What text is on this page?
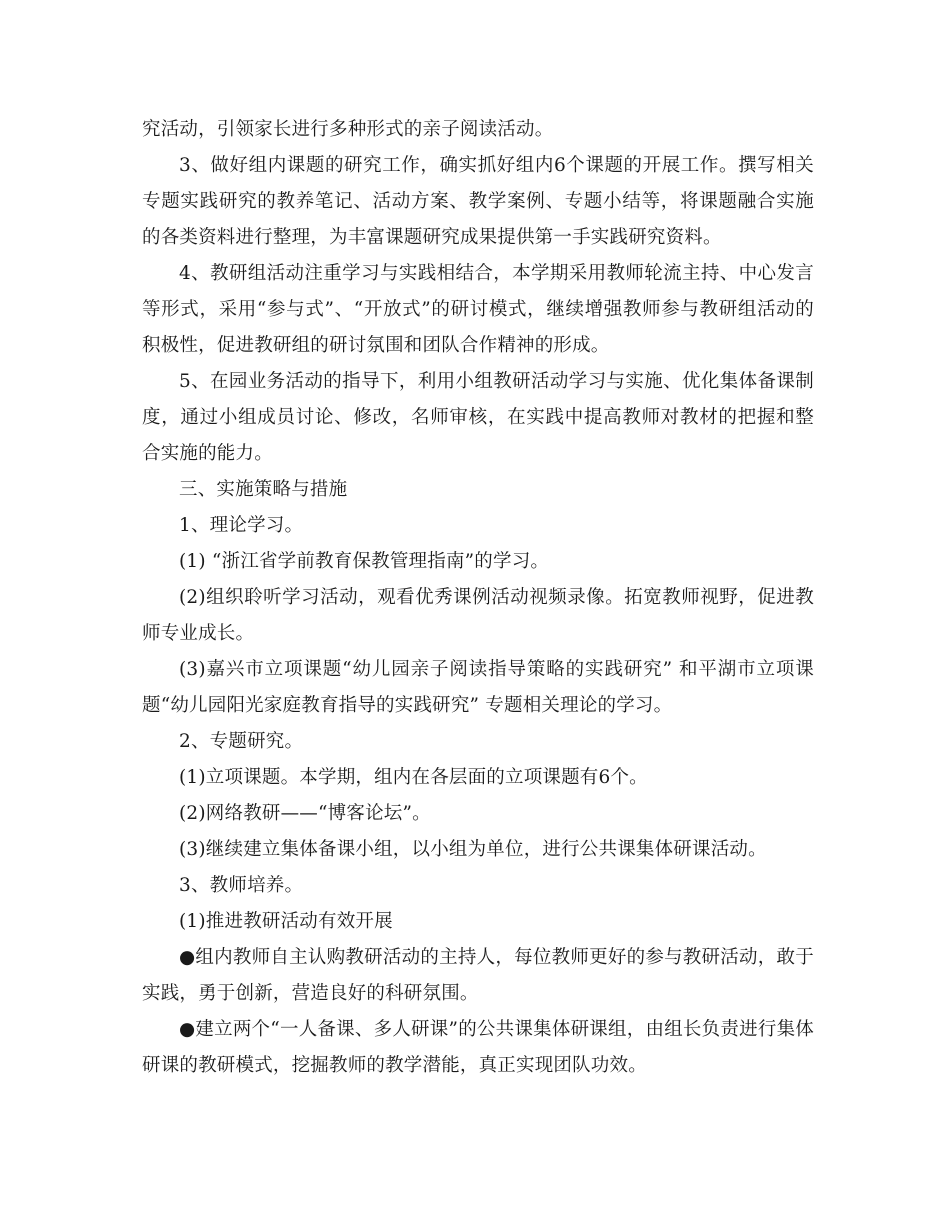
究活动，引领家长进行多种形式的亲子阅读活动。

3、做好组内课题的研究工作，确实抓好组内6个课题的开展工作。撰写相关专题实践研究的教养笔记、活动方案、教学案例、专题小结等，将课题融合实施的各类资料进行整理，为丰富课题研究成果提供第一手实践研究资料。

4、教研组活动注重学习与实践相结合，本学期采用教师轮流主持、中心发言等形式，采用“参与式”、“开放式”的研讨模式，继续增强教师参与教研组活动的积极性，促进教研组的研讨氛围和团队合作精神的形成。

5、在园业务活动的指导下，利用小组教研活动学习与实施、优化集体备课制度，通过小组成员讨论、修改，名师审核，在实践中提高教师对教材的把握和整合实施的能力。

三、实施策略与措施

1、理论学习。

(1) “浙江省学前教育保教管理指南”的学习。

(2)组织聆听学习活动，观看优秀课例活动视频录像。拓宽教师视野，促进教师专业成长。

(3)嘉兴市立项课题“幼儿园亲子阅读指导策略的实践研究” 和平湖市立项课题“幼儿园阳光家庭教育指导的实践研究” 专题相关理论的学习。

2、专题研究。

(1)立项课题。本学期，组内在各层面的立项课题有6个。

(2)网络教研——“博客论坛”。

(3)继续建立集体备课小组，以小组为单位，进行公共课集体研课活动。

3、教师培养。

(1)推进教研活动有效开展

●组内教师自主认购教研活动的主持人，每位教师更好的参与教研活动，敢于实践，勇于创新，营造良好的科研氛围。

●建立两个“一人备课、多人研课”的公共课集体研课组，由组长负责进行集体研课的教研模式，挖掘教师的教学潜能，真正实现团队功效。
